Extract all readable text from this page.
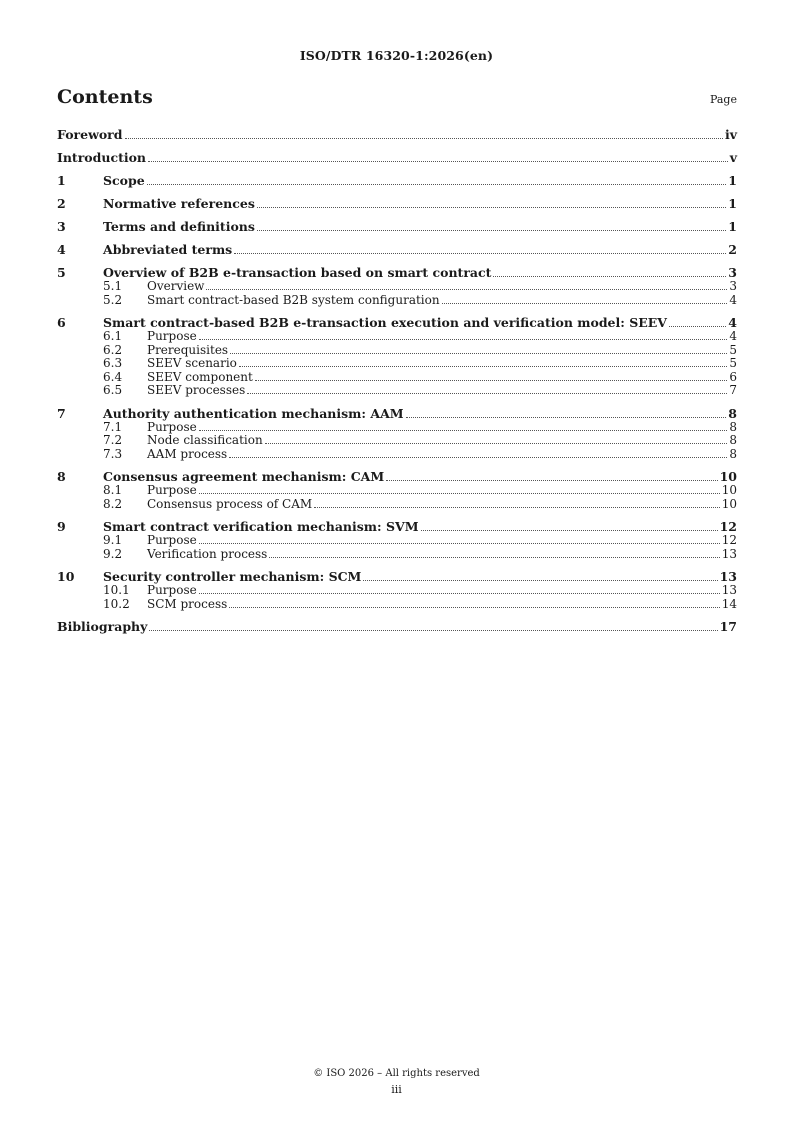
ISO/DTR 16320-1:2026(en)
Contents	Page
Foreword	iv
Introduction	v
1	Scope	1
2	Normative references	1
3	Terms and definitions	1
4	Abbreviated terms	2
5	Overview of B2B e-transaction based on smart contract	3
5.1	Overview	3
5.2	Smart contract-based B2B system configuration	4
6	Smart contract-based B2B e-transaction execution and verification model: SEEV	4
6.1	Purpose	4
6.2	Prerequisites	5
6.3	SEEV scenario	5
6.4	SEEV component	6
6.5	SEEV processes	7
7	Authority authentication mechanism: AAM	8
7.1	Purpose	8
7.2	Node classification	8
7.3	AAM process	8
8	Consensus agreement mechanism: CAM	10
8.1	Purpose	10
8.2	Consensus process of CAM	10
9	Smart contract verification mechanism: SVM	12
9.1	Purpose	12
9.2	Verification process	13
10	Security controller mechanism: SCM	13
10.1	Purpose	13
10.2	SCM process	14
Bibliography	17
© ISO 2026 – All rights reserved
iii
